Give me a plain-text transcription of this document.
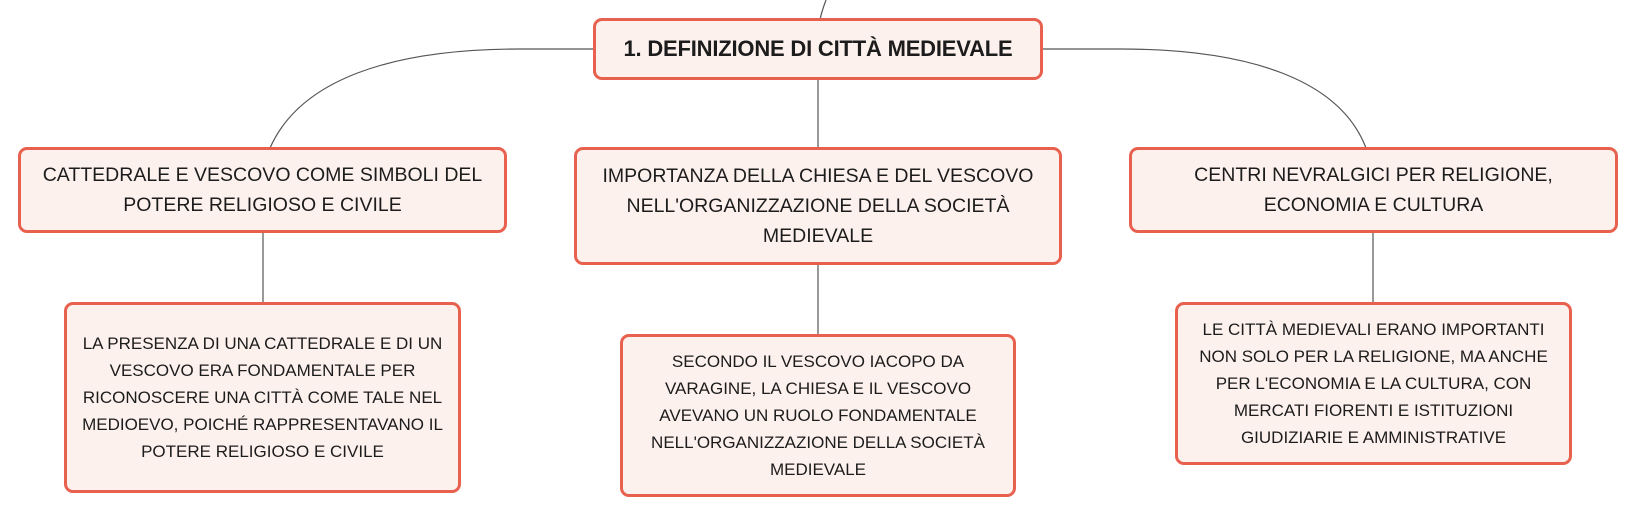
1. DEFINIZIONE DI CITTÀ MEDIEVALE
CATTEDRALE E VESCOVO COME SIMBOLI DEL POTERE RELIGIOSO E CIVILE
IMPORTANZA DELLA CHIESA E DEL VESCOVO NELL'ORGANIZZAZIONE DELLA SOCIETÀ MEDIEVALE
CENTRI NEVRALGICI PER RELIGIONE, ECONOMIA E CULTURA
LA PRESENZA DI UNA CATTEDRALE E DI UN VESCOVO ERA FONDAMENTALE PER RICONOSCERE UNA CITTÀ COME TALE NEL MEDIOEVO, POICHÉ RAPPRESENTAVANO IL POTERE RELIGIOSO E CIVILE
SECONDO IL VESCOVO IACOPO DA VARAGINE, LA CHIESA E IL VESCOVO AVEVANO UN RUOLO FONDAMENTALE NELL'ORGANIZZAZIONE DELLA SOCIETÀ MEDIEVALE
LE CITTÀ MEDIEVALI ERANO IMPORTANTI NON SOLO PER LA RELIGIONE, MA ANCHE PER L'ECONOMIA E LA CULTURA, CON MERCATI FIORENTI E ISTITUZIONI GIUDIZIARIE E AMMINISTRATIVE
